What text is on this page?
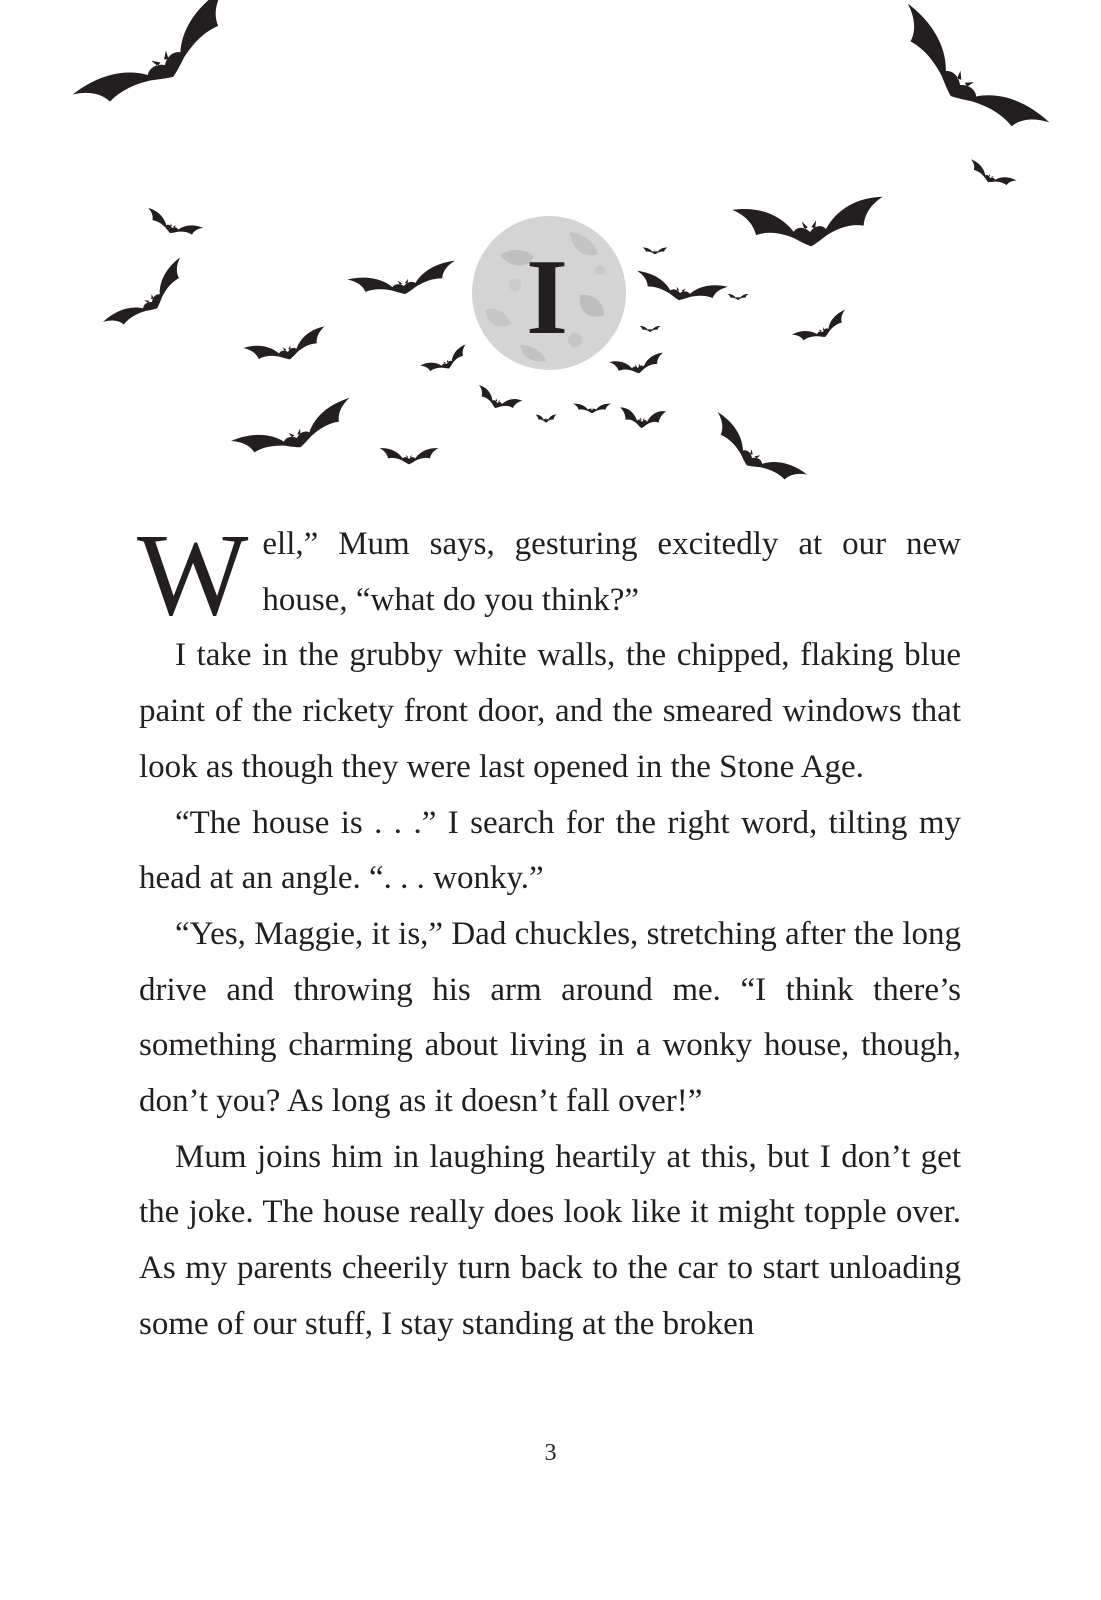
I

Well,” Mum says, gesturing excitedly at our new house, “what do you think?”

I take in the grubby white walls, the chipped, flaking blue paint of the rickety front door, and the smeared windows that look as though they were last opened in the Stone Age.

“The house is . . .” I search for the right word, tilting my head at an angle. “. . . wonky.”

“Yes, Maggie, it is,” Dad chuckles, stretching after the long drive and throwing his arm around me. “I think there’s something charming about living in a wonky house, though, don’t you? As long as it doesn’t fall over!”

Mum joins him in laughing heartily at this, but I don’t get the joke. The house really does look like it might topple over. As my parents cheerily turn back to the car to start unloading some of our stuff, I stay standing at the broken

3
